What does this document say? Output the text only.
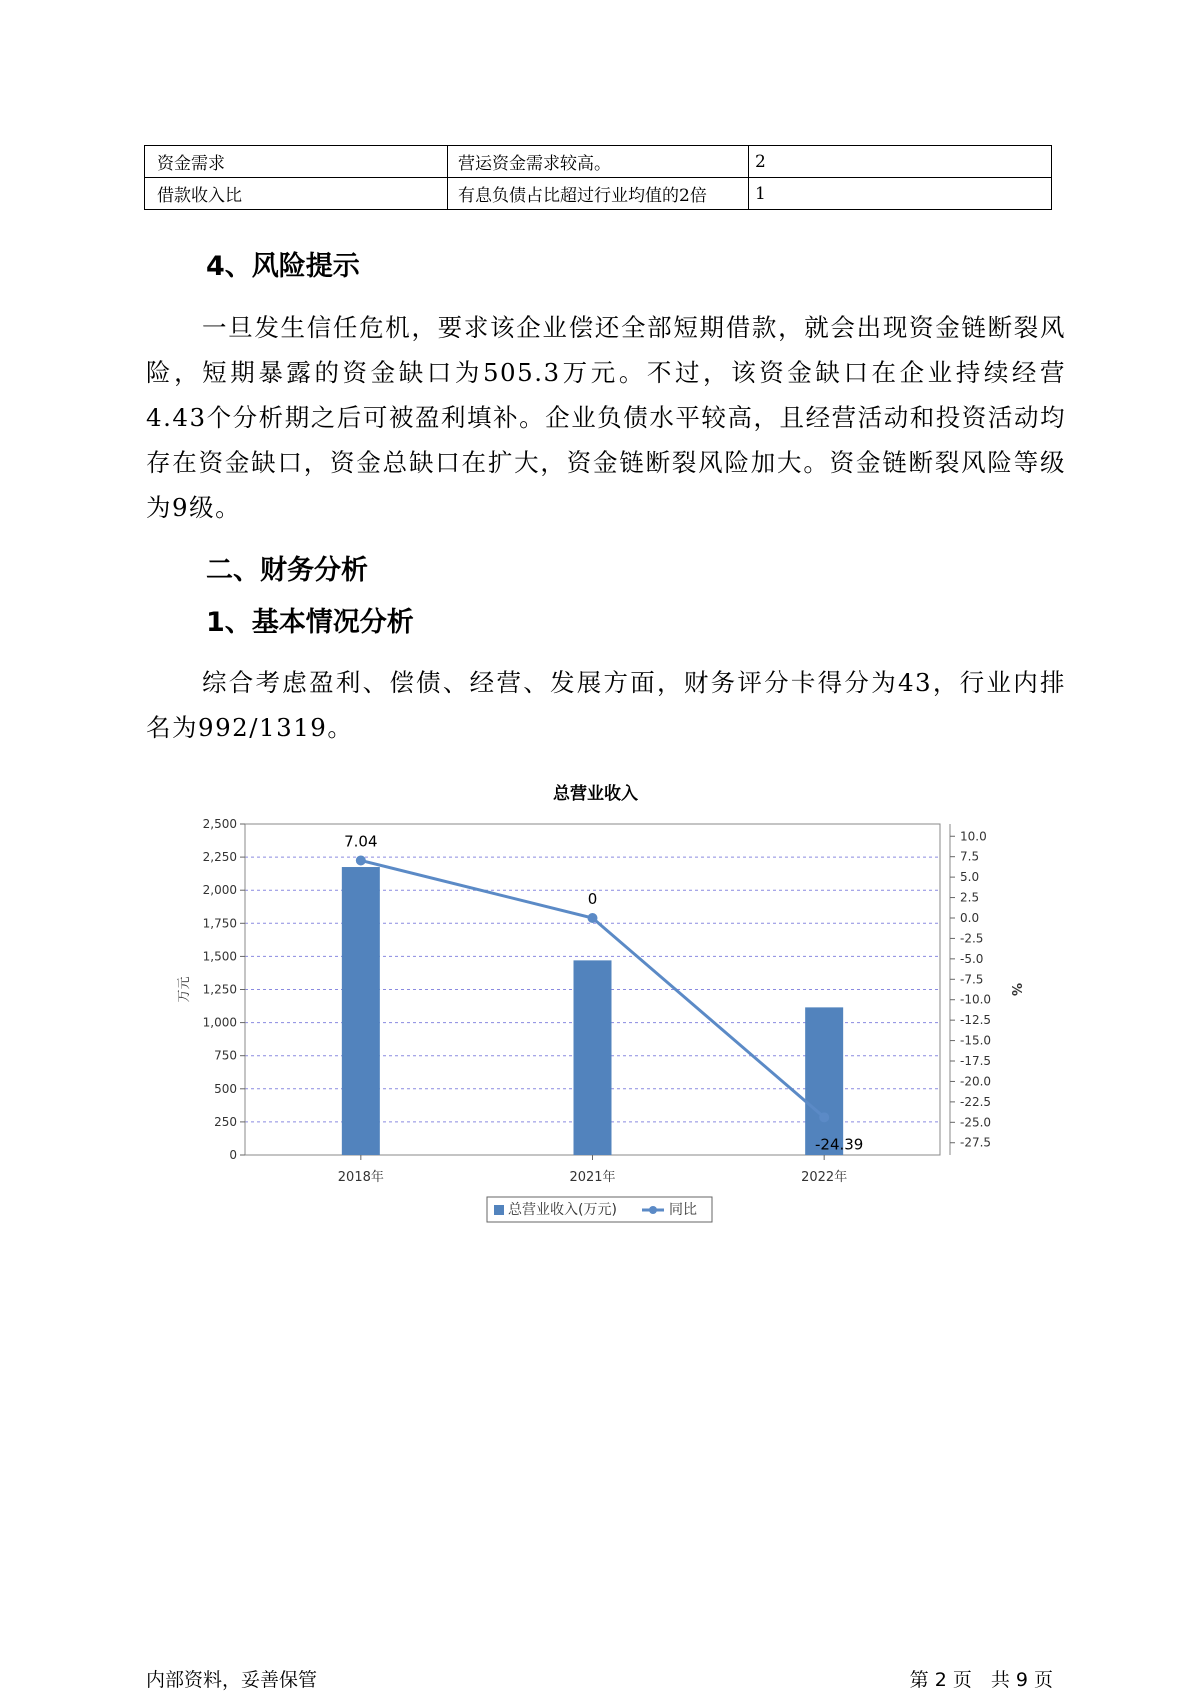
资金需求	营运资金需求较高。	2
借款收入比	有息负债占比超过行业均值的2倍	1
4、风险提示
一旦发生信任危机，要求该企业偿还全部短期借款，就会出现资金链断裂风险，短期暴露的资金缺口为505.3万元。不过，该资金缺口在企业持续经营 4.43个分析期之后可被盈利填补。企业负债水平较高，且经营活动和投资活动均存在资金缺口，资金总缺口在扩大，资金链断裂风险加大。资金链断裂风险等级为9级。
二、财务分析
1、基本情况分析
综合考虑盈利、偿债、经营、发展方面，财务评分卡得分为43，行业内排名为992/1319。
总营业收入
0
250
500
750
1,000
1,250
1,500
1,750
2,000
2,250
2,500
万元
10.0
7.5
5.0
2.5
0.0
-2.5
-5.0
-7.5
-10.0
-12.5
-15.0
-17.5
-20.0
-22.5
-25.0
-27.5
%
2018年	2021年	2022年
7.04
0
-24.39
总营业收入(万元)	同比
内部资料，妥善保管	第 2 页　共 9 页
